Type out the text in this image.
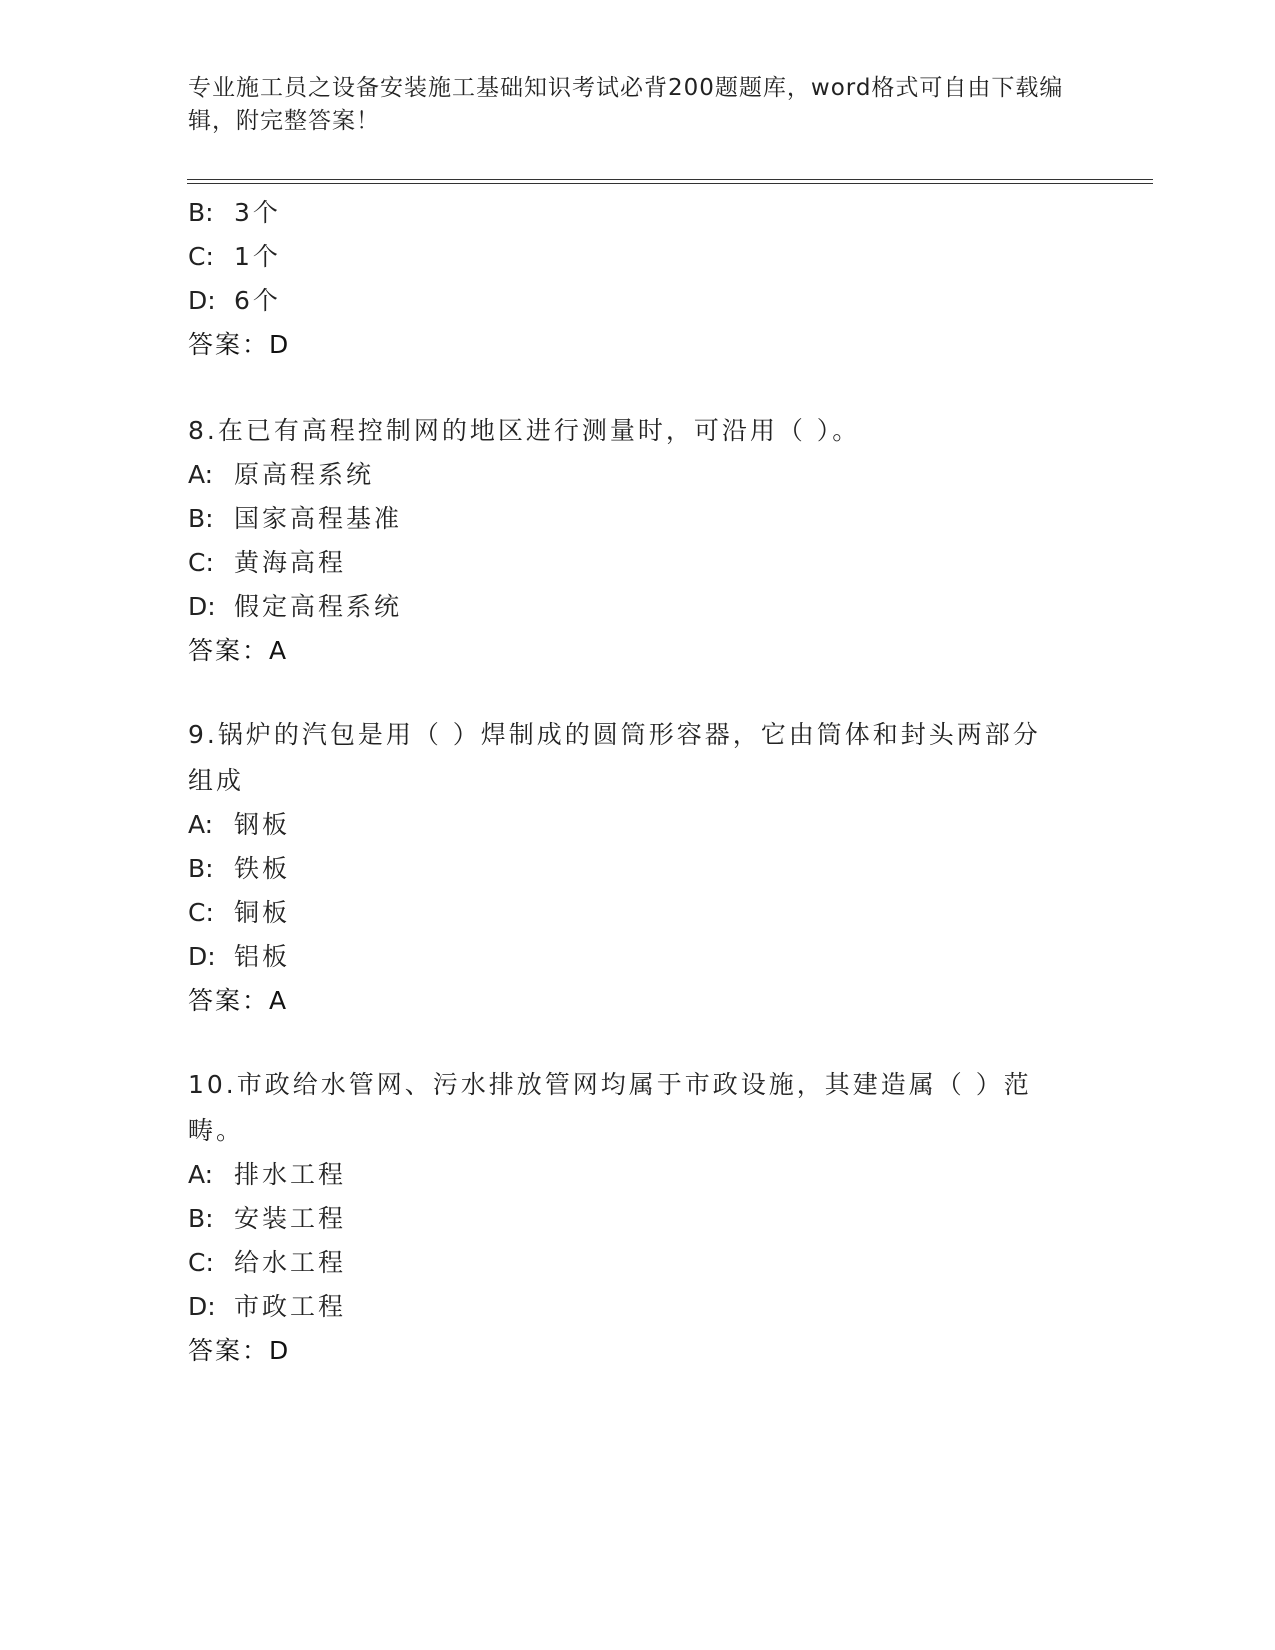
专业施工员之设备安装施工基础知识考试必背200题题库，word格式可自由下载编辑，附完整答案！
B: 3个
C: 1个
D: 6个
答案：D
8.在已有高程控制网的地区进行测量时，可沿用（ ）。
A: 原高程系统
B: 国家高程基准
C: 黄海高程
D: 假定高程系统
答案：A
9.锅炉的汽包是用（ ）焊制成的圆筒形容器，它由筒体和封头两部分组成
A: 钢板
B: 铁板
C: 铜板
D: 铝板
答案：A
10.市政给水管网、污水排放管网均属于市政设施，其建造属（ ）范畴。
A: 排水工程
B: 安装工程
C: 给水工程
D: 市政工程
答案：D
